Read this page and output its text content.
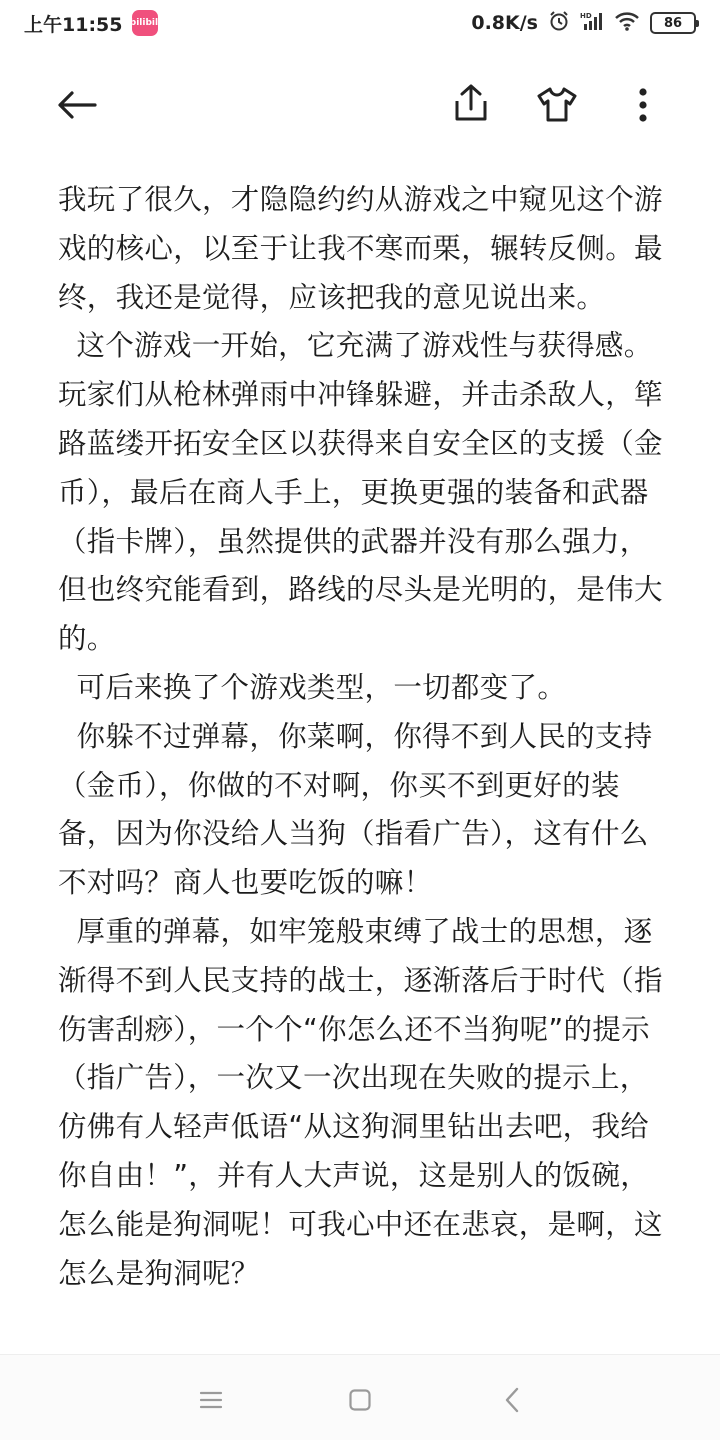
上午11:55 bilibili	0.8K/s	HD	86

我玩了很久，才隐隐约约从游戏之中窥见这个游戏的核心，以至于让我不寒而栗，辗转反侧。最终，我还是觉得，应该把我的意见说出来。

这个游戏一开始，它充满了游戏性与获得感。玩家们从枪林弹雨中冲锋躲避，并击杀敌人，筚路蓝缕开拓安全区以获得来自安全区的支援（金币），最后在商人手上，更换更强的装备和武器（指卡牌），虽然提供的武器并没有那么强力，但也终究能看到，路线的尽头是光明的，是伟大的。

可后来换了个游戏类型，一切都变了。

你躲不过弹幕，你菜啊，你得不到人民的支持（金币），你做的不对啊，你买不到更好的装备，因为你没给人当狗（指看广告），这有什么不对吗？商人也要吃饭的嘛！

厚重的弹幕，如牢笼般束缚了战士的思想，逐渐得不到人民支持的战士，逐渐落后于时代（指伤害刮痧），一个个“你怎么还不当狗呢”的提示（指广告），一次又一次出现在失败的提示上，仿佛有人轻声低语“从这狗洞里钻出去吧，我给你自由！”，并有人大声说，这是别人的饭碗，怎么能是狗洞呢！可我心中还在悲哀，是啊，这怎么是狗洞呢？
